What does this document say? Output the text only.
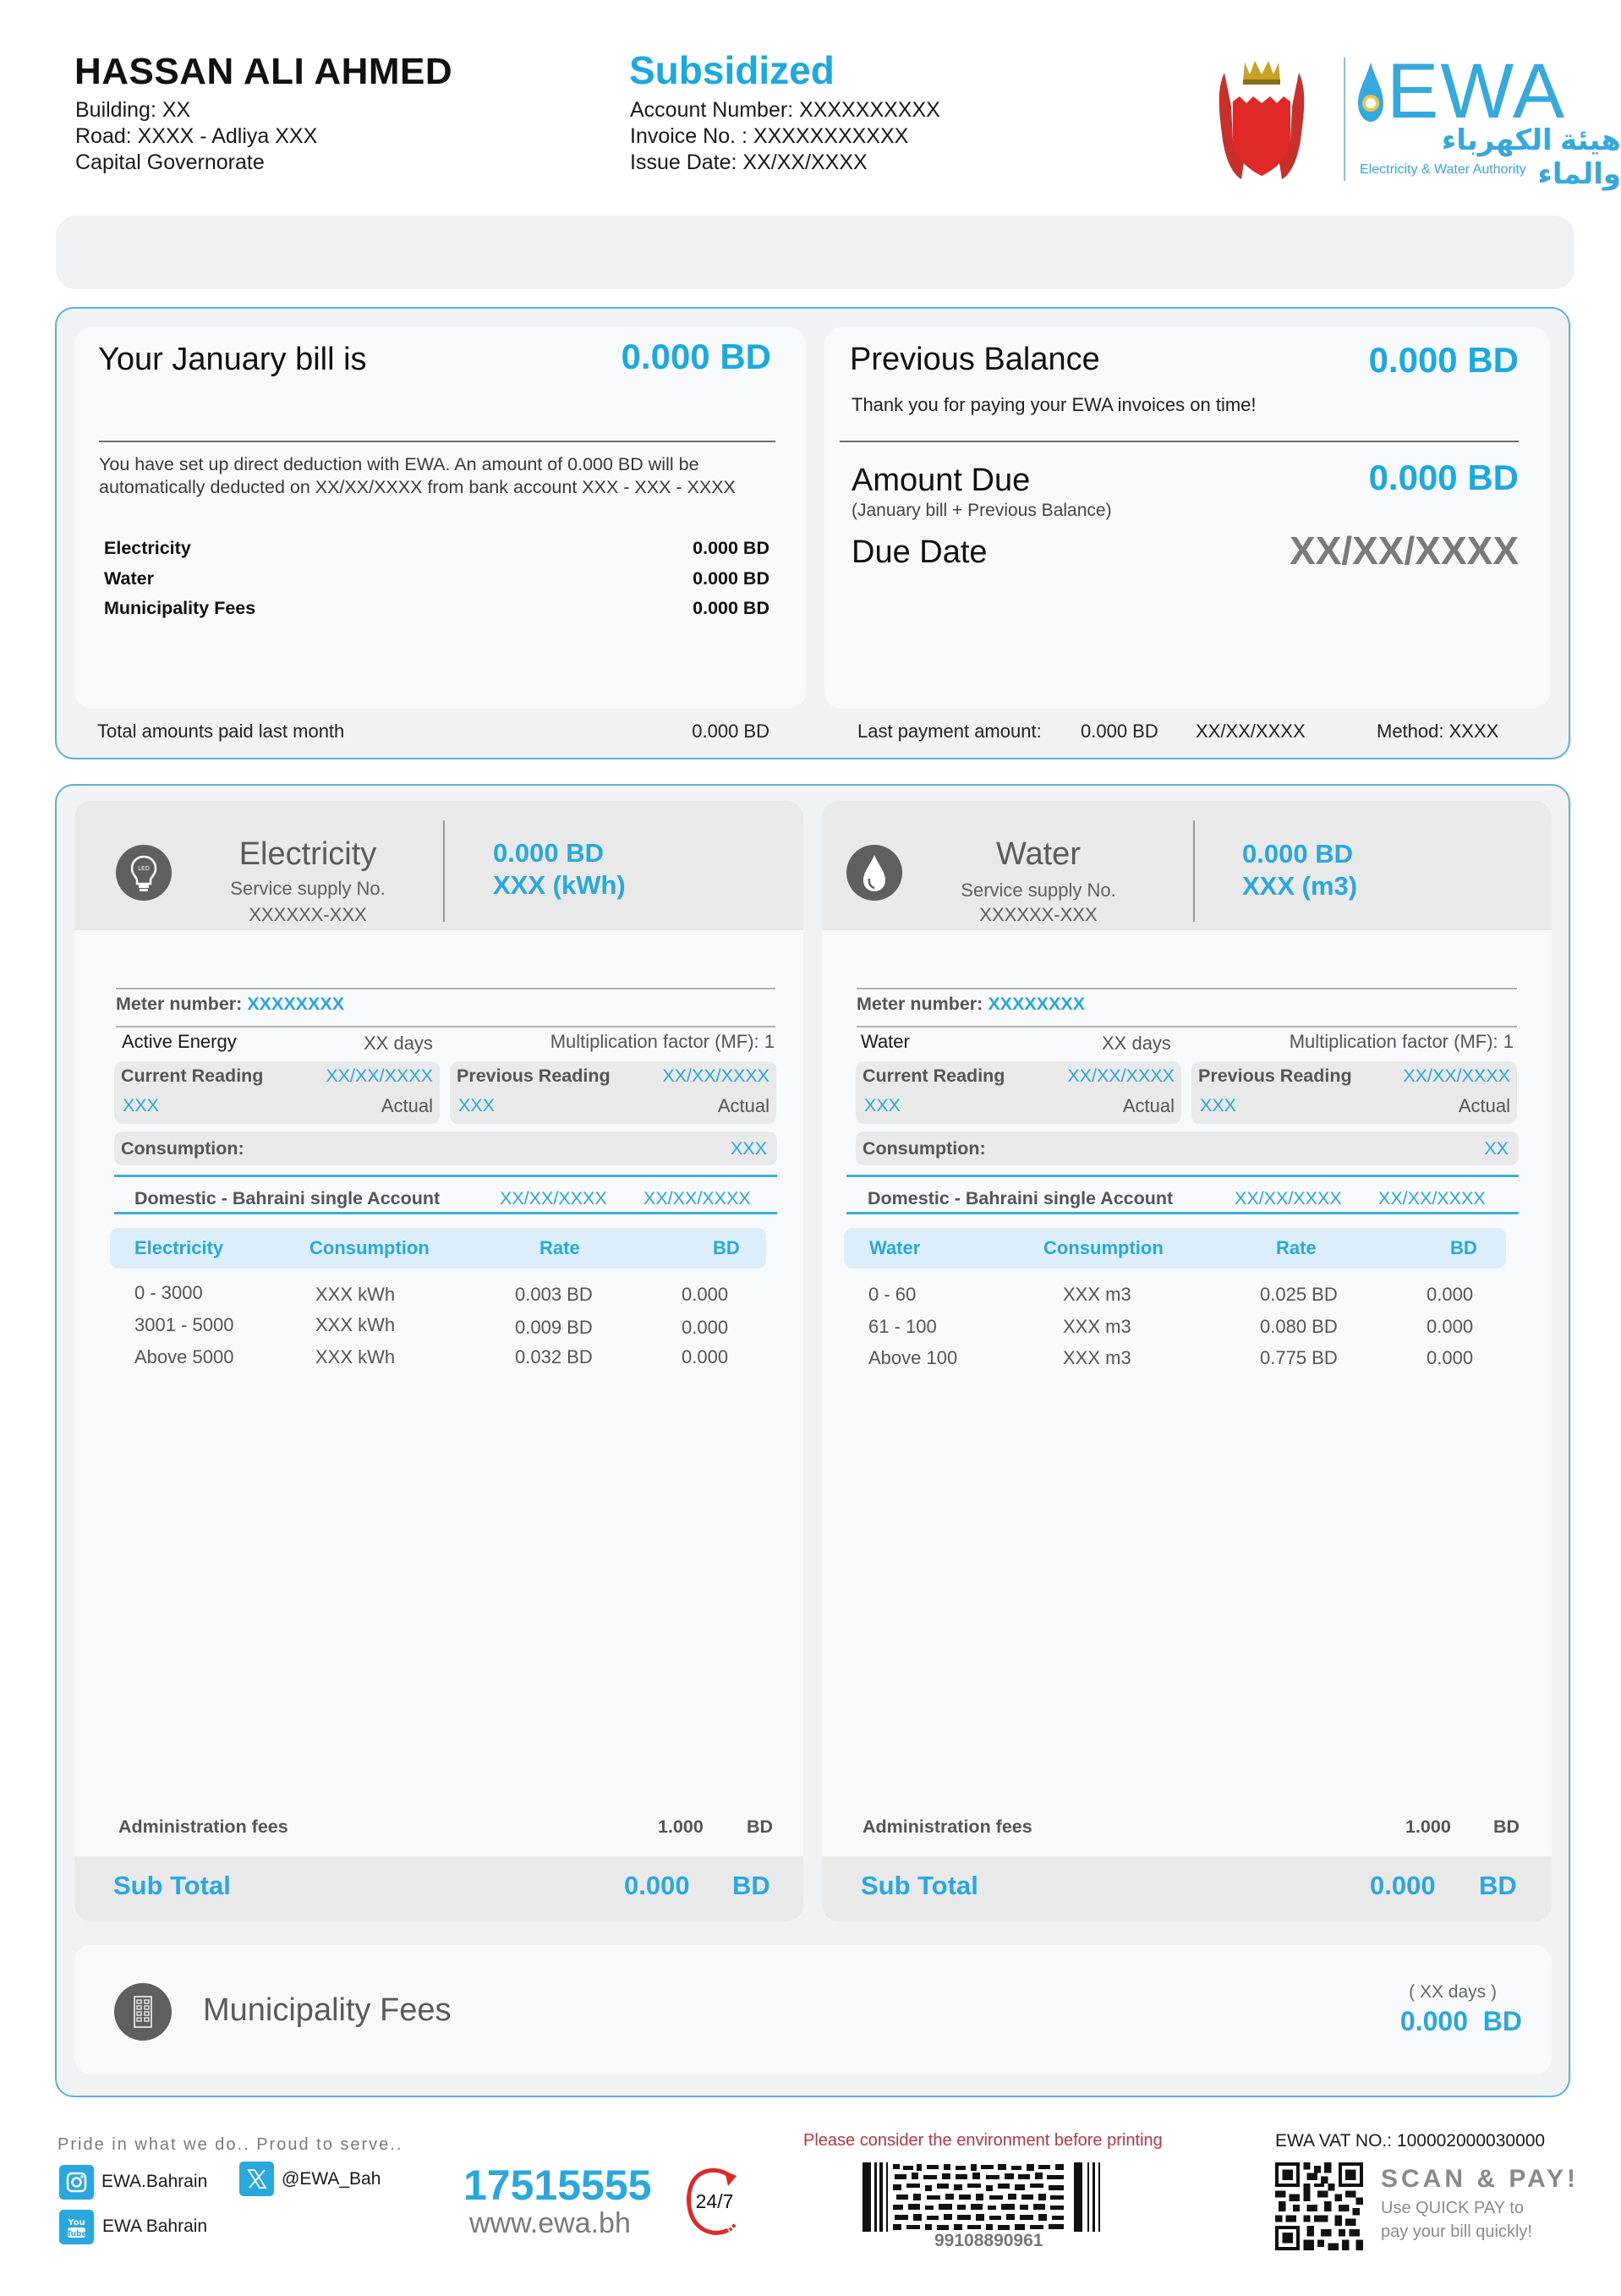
HASSAN ALI AHMED
Building: XX
Road: XXXX - Adliya XXX
Capital Governorate
Subsidized
Account Number: XXXXXXXXXX
Invoice No. : XXXXXXXXXXX
Issue Date: XX/XX/XXXX
EWA
هيئة الكهرباء والماء
Electricity & Water Authority
Your January bill is	0.000 BD
You have set up direct deduction with EWA. An amount of 0.000 BD will be automatically deducted on XX/XX/XXXX from bank account XXX - XXX - XXXX
Electricity	0.000 BD
Water	0.000 BD
Municipality Fees	0.000 BD
Total amounts paid last month	0.000 BD
Previous Balance	0.000 BD
Thank you for paying your EWA invoices on time!
Amount Due
(January bill + Previous Balance)
0.000 BD
Due Date	XX/XX/XXXX
Last payment amount: 0.000 BD XX/XX/XXXX	Method: XXXX
LED	Electricity
Service supply No.
XXXXXX-XXX
0.000 BD
XXX (kWh)
Meter number: XXXXXXXX
Active Energy	XX days	Multiplication factor (MF): 1
Current Reading	XX/XX/XXXX
XXX	Actual
Previous Reading	XX/XX/XXXX
XXX	Actual
Consumption:	XXX
Domestic - Bahraini single Account	XX/XX/XXXX XX/XX/XXXX
Electricity	Consumption	Rate	BD
0 - 3000	XXX kWh	0.003 BD	0.000
3001 - 5000	XXX kWh	0.009 BD	0.000
Above 5000	XXX kWh	0.032 BD	0.000
Administration fees	1.000 BD
Sub Total	0.000 BD
Water
Service supply No.
XXXXXX-XXX
0.000 BD
XXX (m3)
Meter number: XXXXXXXX
Water	XX days	Multiplication factor (MF): 1
Current Reading	XX/XX/XXXX
XXX	Actual
Previous Reading	XX/XX/XXXX
XXX	Actual
Consumption:	XX
Domestic - Bahraini single Account	XX/XX/XXXX XX/XX/XXXX
Water	Consumption	Rate	BD
0 - 60	XXX m3	0.025 BD	0.000
61 - 100	XXX m3	0.080 BD	0.000
Above 100	XXX m3	0.775 BD	0.000
Administration fees	1.000 BD
Sub Total	0.000 BD
Municipality Fees
( XX days )
0.000  BD
Pride in what we do.. Proud to serve..
EWA.Bahrain	@EWA_Bah
You
Tube EWA Bahrain
17515555
www.ewa.bh
24/7
Please consider the environment before printing
99108890961
EWA VAT NO.: 100002000030000
SCAN & PAY!
Use QUICK PAY to
pay your bill quickly!
